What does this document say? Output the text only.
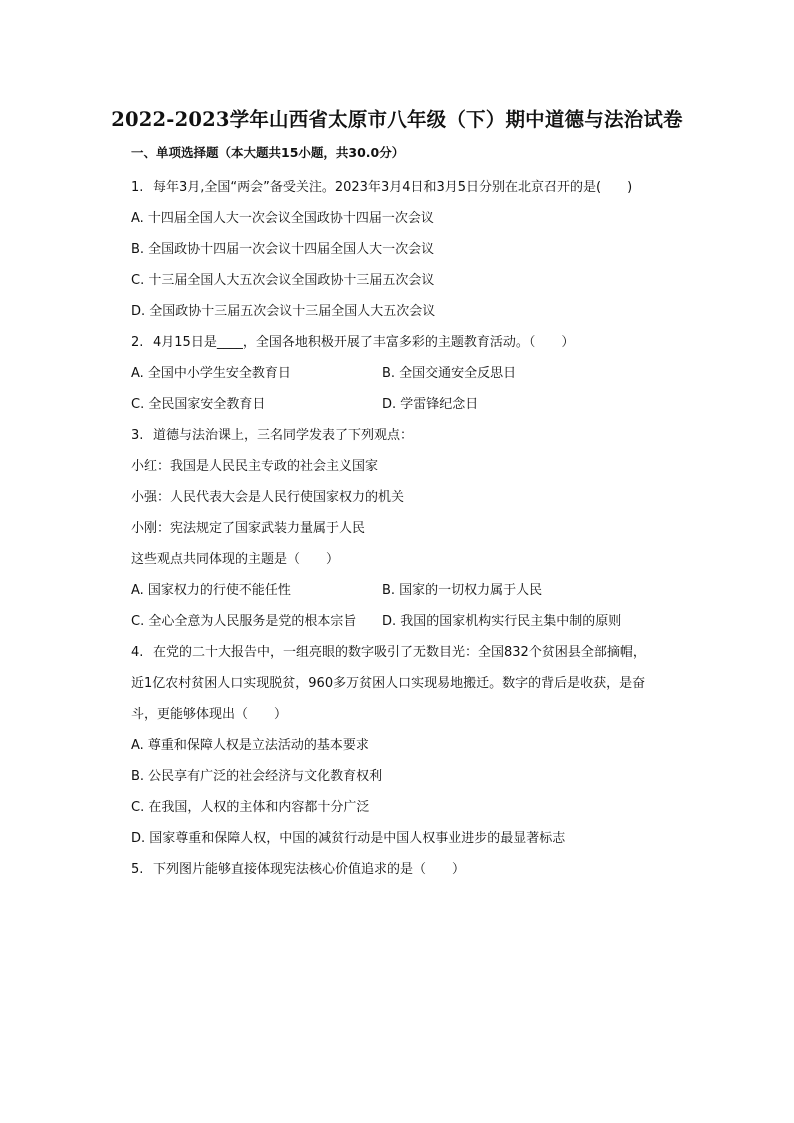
2022-2023学年山西省太原市八年级（下）期中道德与法治试卷
一、单项选择题（本大题共15小题，共30.0分）
1. 每年3月,全国“两会”备受关注。2023年3月4日和3月5日分别在北京召开的是(　　)
A. 十四届全国人大一次会议全国政协十四届一次会议
B. 全国政协十四届一次会议十四届全国人大一次会议
C. 十三届全国人大五次会议全国政协十三届五次会议
D. 全国政协十三届五次会议十三届全国人大五次会议
2. 4月15日是____，全国各地积极开展了丰富多彩的主题教育活动。（　　）
A. 全国中小学生安全教育日	B. 全国交通安全反思日
C. 全民国家安全教育日	D. 学雷锋纪念日
3. 道德与法治课上，三名同学发表了下列观点：
小红：我国是人民民主专政的社会主义国家
小强：人民代表大会是人民行使国家权力的机关
小刚：宪法规定了国家武装力量属于人民
这些观点共同体现的主题是（　　）
A. 国家权力的行使不能任性	B. 国家的一切权力属于人民
C. 全心全意为人民服务是党的根本宗旨	D. 我国的国家机构实行民主集中制的原则
4. 在党的二十大报告中，一组亮眼的数字吸引了无数目光：全国832个贫困县全部摘帽，
近1亿农村贫困人口实现脱贫，960多万贫困人口实现易地搬迁。数字的背后是收获，是奋
斗，更能够体现出（　　）
A. 尊重和保障人权是立法活动的基本要求
B. 公民享有广泛的社会经济与文化教育权利
C. 在我国，人权的主体和内容都十分广泛
D. 国家尊重和保障人权，中国的减贫行动是中国人权事业进步的最显著标志
5. 下列图片能够直接体现宪法核心价值追求的是（　　）
